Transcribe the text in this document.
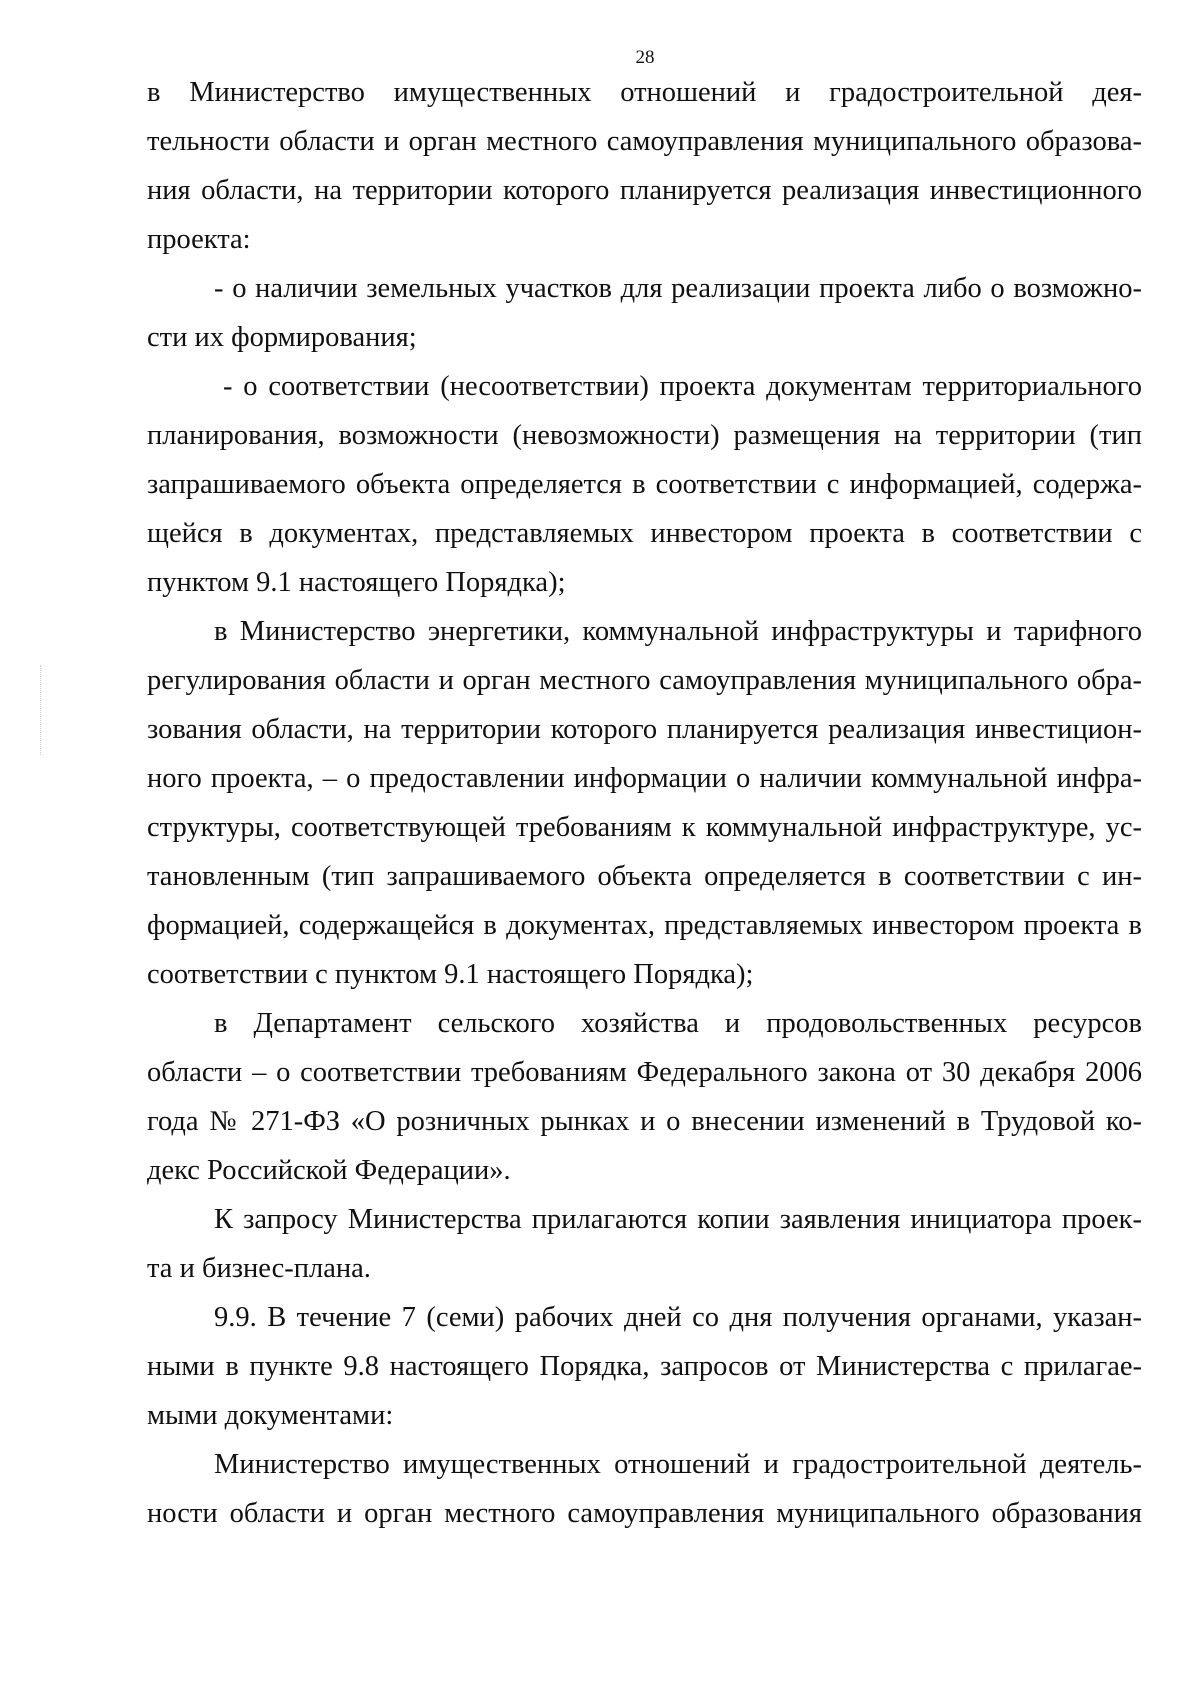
28
в Министерство имущественных отношений и градостроительной дея-
тельности области и орган местного самоуправления муниципального образова-
ния области, на территории которого планируется реализация инвестиционного
проекта:
- о наличии земельных участков для реализации проекта либо о возможно-
сти их формирования;
- о соответствии (несоответствии) проекта документам территориального
планирования, возможности (невозможности) размещения на территории (тип
запрашиваемого объекта определяется в соответствии с информацией, содержа-
щейся в документах, представляемых инвестором проекта в соответствии с
пунктом 9.1 настоящего Порядка);
в Министерство энергетики, коммунальной инфраструктуры и тарифного
регулирования области и орган местного самоуправления муниципального обра-
зования области, на территории которого планируется реализация инвестицион-
ного проекта, – о предоставлении информации о наличии коммунальной инфра-
структуры, соответствующей требованиям к коммунальной инфраструктуре, ус-
тановленным (тип запрашиваемого объекта определяется в соответствии с ин-
формацией, содержащейся в документах, представляемых инвестором проекта в
соответствии с пунктом 9.1 настоящего Порядка);
в Департамент сельского хозяйства и продовольственных ресурсов
области – о соответствии требованиям Федерального закона от 30 декабря 2006
года № 271-ФЗ «О розничных рынках и о внесении изменений в Трудовой ко-
декс Российской Федерации».
К запросу Министерства прилагаются копии заявления инициатора проек-
та и бизнес-плана.
9.9. В течение 7 (семи) рабочих дней со дня получения органами, указан-
ными в пункте 9.8 настоящего Порядка, запросов от Министерства с прилагае-
мыми документами:
Министерство имущественных отношений и градостроительной деятель-
ности области и орган местного самоуправления муниципального образования
